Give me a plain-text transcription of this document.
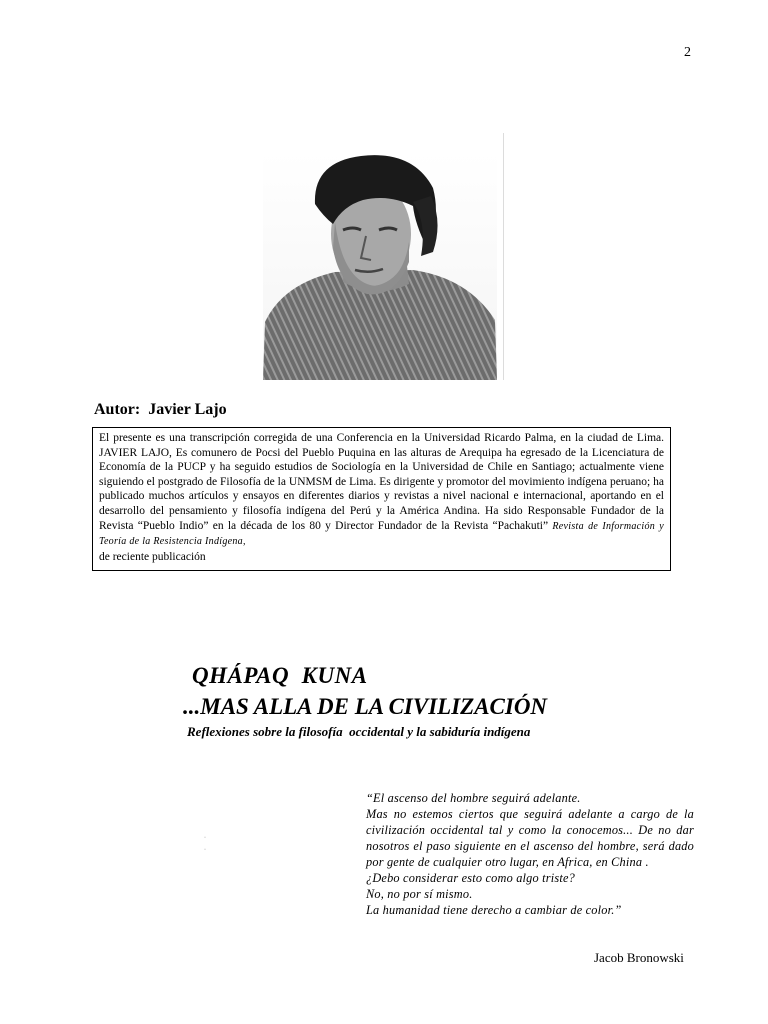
2
Autor: Javier Lajo
El presente es una transcripción corregida de una Conferencia en la Universidad Ricardo Palma, en la ciudad de Lima. JAVIER LAJO, Es comunero de Pocsi del Pueblo Puquina en las alturas de Arequipa ha egresado de la Licenciatura de Economía de la PUCP y ha seguido estudios de Sociología en la Universidad de Chile en Santiago; actualmente viene siguiendo el postgrado de Filosofía de la UNMSM de Lima. Es dirigente y promotor del movimiento indígena peruano; ha publicado muchos artículos y ensayos en diferentes diarios y revistas a nivel nacional e internacional, aportando en el desarrollo del pensamiento y filosofía indígena del Perú y la América Andina. Ha sido Responsable Fundador de la Revista “Pueblo Indio” en la década de los 80 y Director Fundador de la Revista “Pachakuti” Revista de Información y Teoría de la Resistencia Indígena,
de reciente publicación
QHÁPAQ  KUNA
...MAS ALLA DE LA CIVILIZACIÓN
Reflexiones sobre la filosofía  occidental y la sabiduría indígena
·
·

“El ascenso del hombre seguirá adelante.

Mas no estemos ciertos que seguirá adelante a cargo de la civilización occidental tal y como la conocemos... De no dar nosotros el paso siguiente en el ascenso del hombre, será dado por gente de cualquier otro lugar, en Africa, en China .

¿Debo considerar esto como algo triste?

No, no por sí mismo.

La humanidad tiene derecho a cambiar de color.”

Jacob Bronowski
